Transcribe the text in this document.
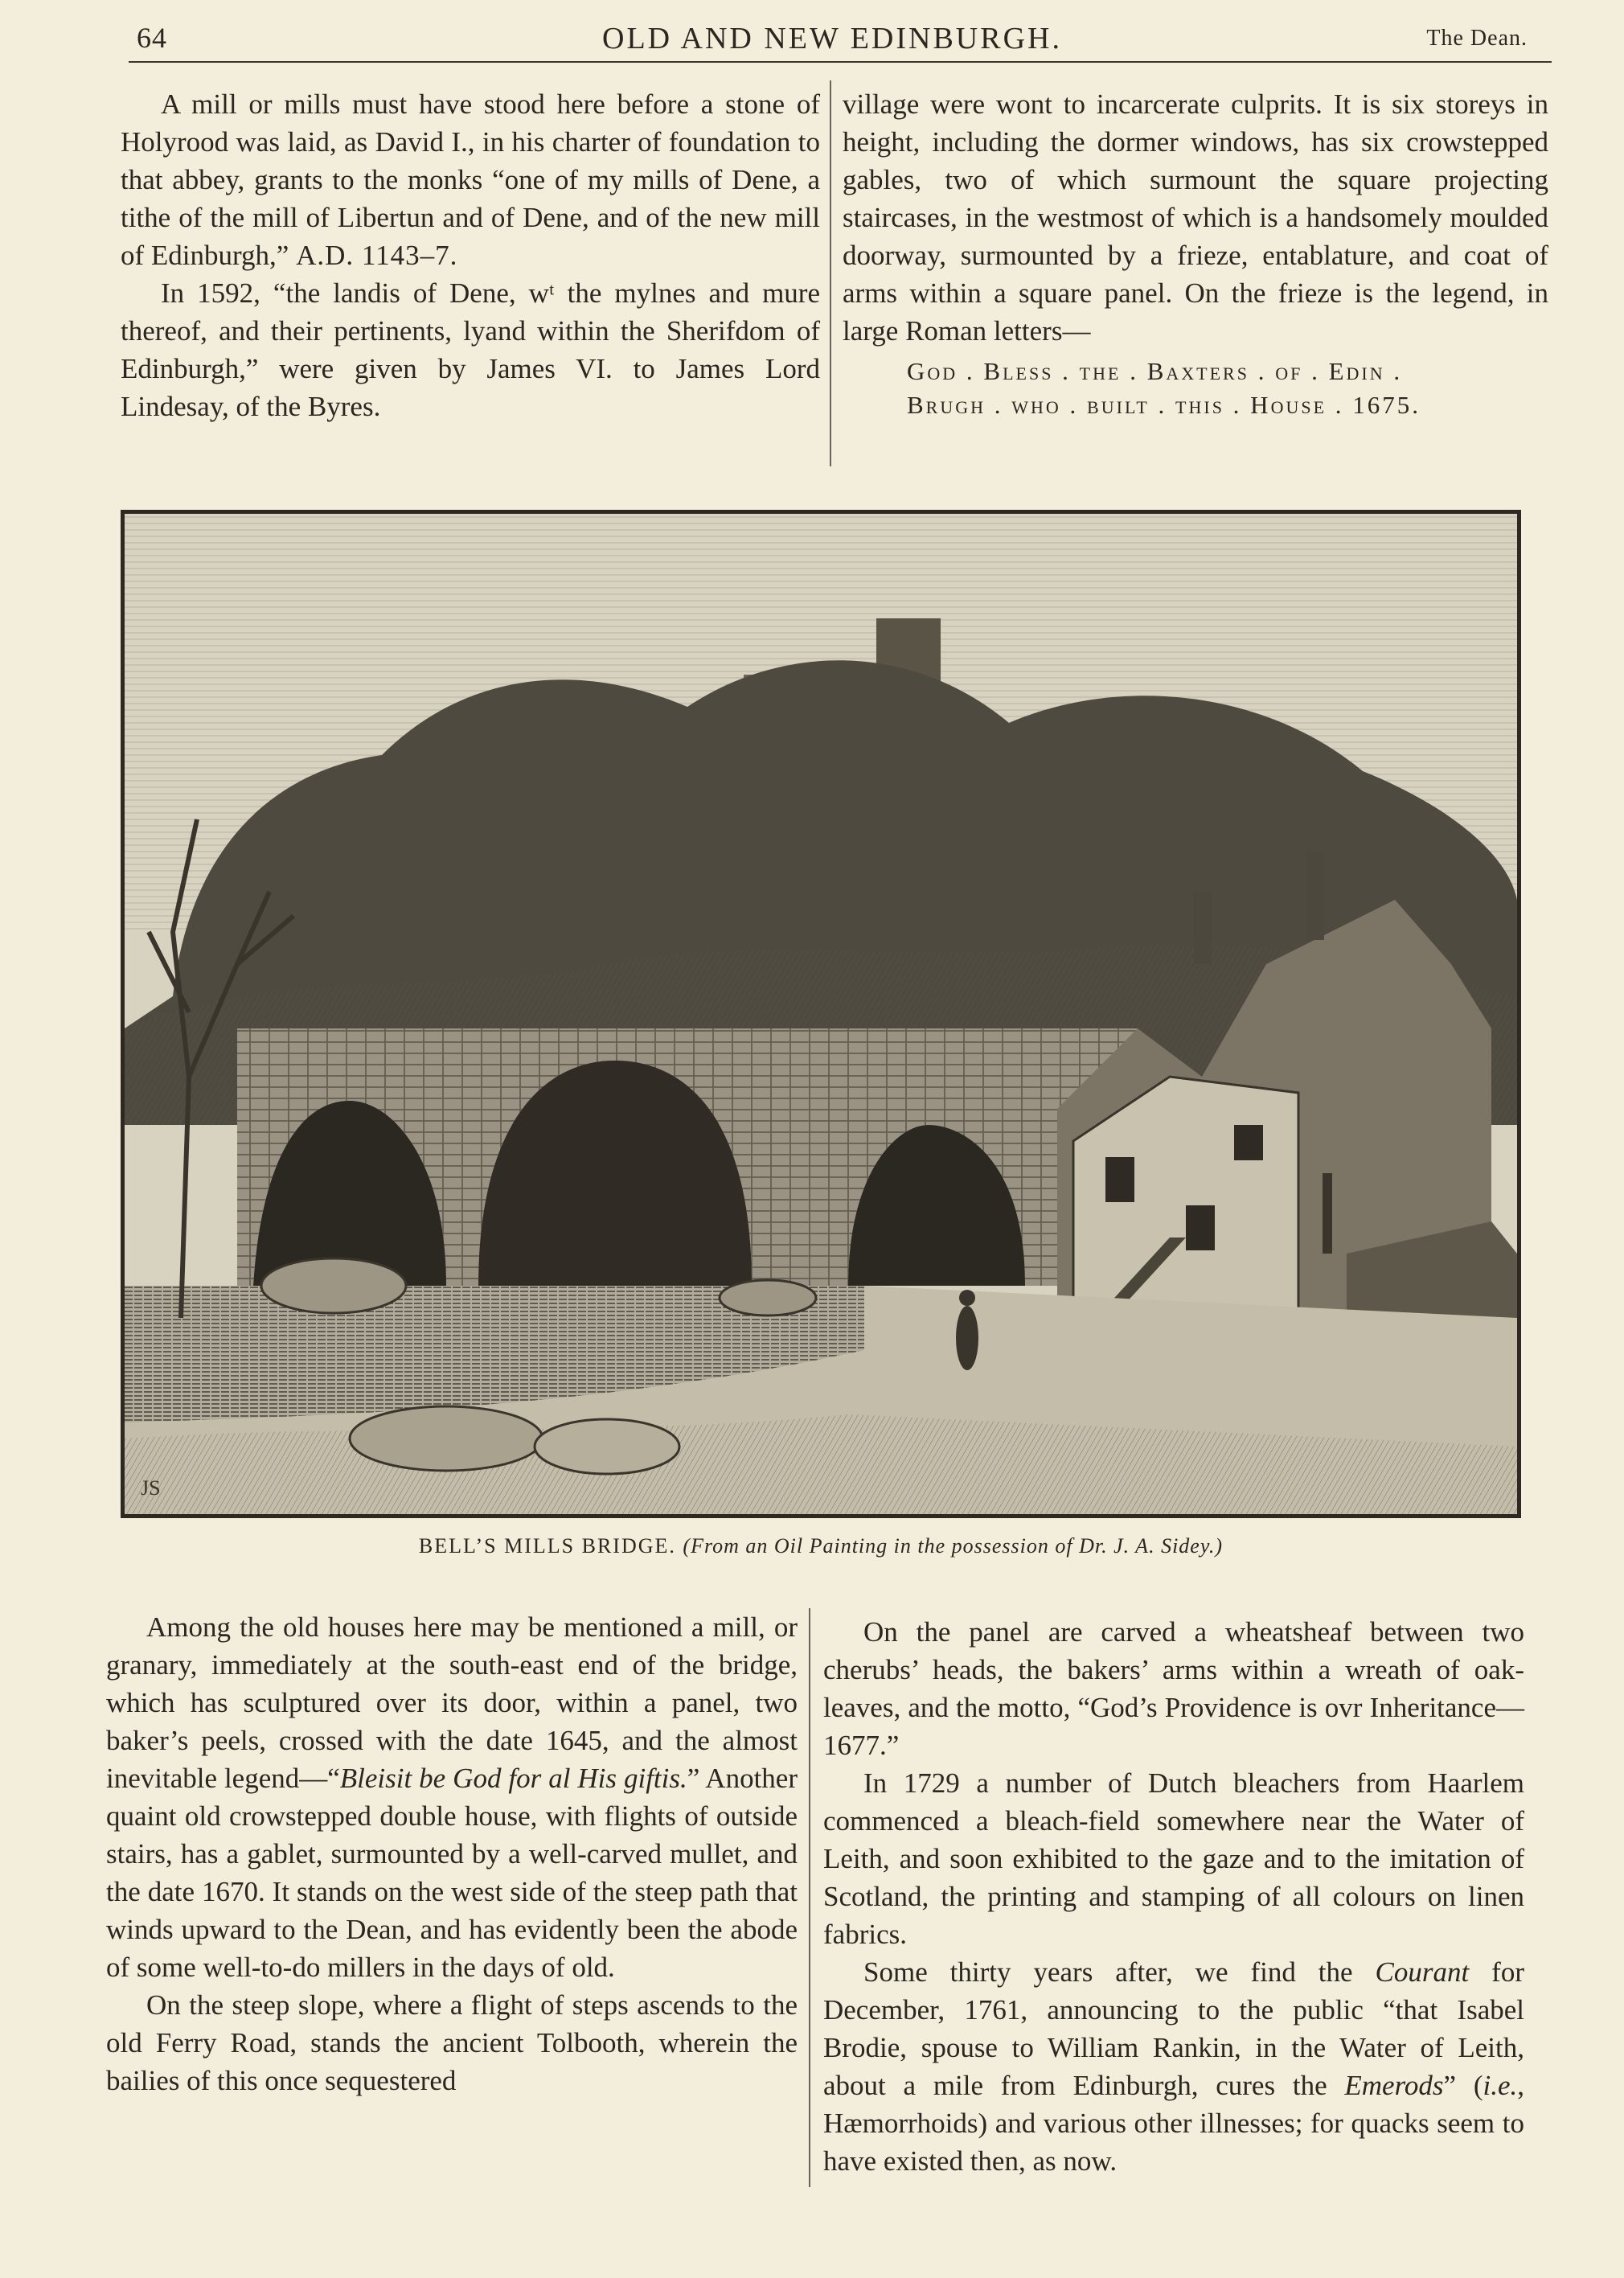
64	OLD AND NEW EDINBURGH.	The Dean.

A mill or mills must have stood here before a stone of Holyrood was laid, as David I., in his charter of foundation to that abbey, grants to the monks “one of my mills of Dene, a tithe of the mill of Libertun and of Dene, and of the new mill of Edinburgh,” A.D. 1143–7.

In 1592, “the landis of Dene, wᵗ the mylnes and mure thereof, and their pertinents, lyand within the Sherifdom of Edinburgh,” were given by James VI. to James Lord Lindesay, of the Byres.

village were wont to incarcerate culprits. It is six storeys in height, including the dormer windows, has six crowstepped gables, two of which surmount the square projecting staircases, in the westmost of which is a handsomely moulded doorway, surmounted by a frieze, entablature, and coat of arms within a square panel. On the frieze is the legend, in large Roman letters—

God . Bless . the . Baxters . of . Edin .
Brugh . who . built . this . House . 1675.
JS
BELL’S MILLS BRIDGE. (From an Oil Painting in the possession of Dr. J. A. Sidey.)

Among the old houses here may be mentioned a mill, or granary, immediately at the south-east end of the bridge, which has sculptured over its door, within a panel, two baker’s peels, crossed with the date 1645, and the almost inevitable legend—“Bleisit be God for al His giftis.” Another quaint old crowstepped double house, with flights of outside stairs, has a gablet, surmounted by a well-carved mullet, and the date 1670. It stands on the west side of the steep path that winds upward to the Dean, and has evidently been the abode of some well-to-do millers in the days of old.

On the steep slope, where a flight of steps ascends to the old Ferry Road, stands the ancient Tolbooth, wherein the bailies of this once sequestered

On the panel are carved a wheatsheaf between two cherubs’ heads, the bakers’ arms within a wreath of oak-leaves, and the motto, “God’s Providence is ovr Inheritance—1677.”

In 1729 a number of Dutch bleachers from Haarlem commenced a bleach-field somewhere near the Water of Leith, and soon exhibited to the gaze and to the imitation of Scotland, the printing and stamping of all colours on linen fabrics.

Some thirty years after, we find the Courant for December, 1761, announcing to the public “that Isabel Brodie, spouse to William Rankin, in the Water of Leith, about a mile from Edinburgh, cures the Emerods” (i.e., Hæmorrhoids) and various other illnesses; for quacks seem to have existed then, as now.
